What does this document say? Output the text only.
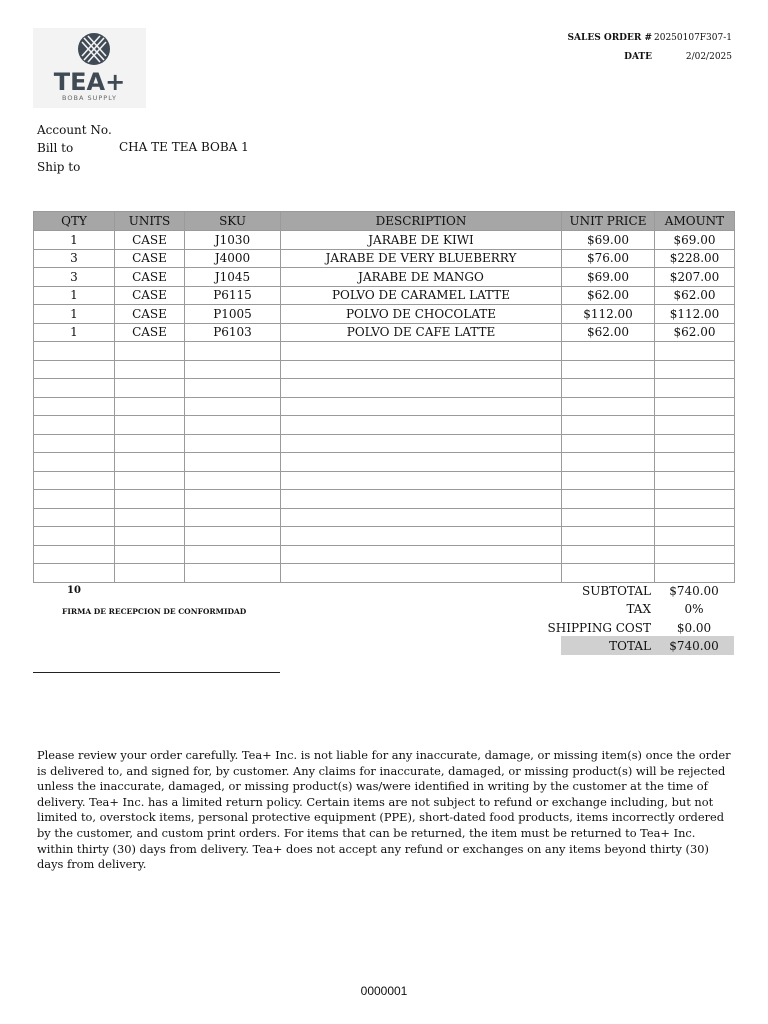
TEA+
BOBA SUPPLY
SALES ORDER # 20250107F307-1
DATE	2/02/2025
Account No.
Bill to	CHA TE TEA BOBA 1
Ship to
QTY	UNITS	SKU	DESCRIPTION	UNIT PRICE	AMOUNT
1	CASE	J1030	JARABE DE KIWI	$69.00	$69.00
3	CASE	J4000	JARABE DE VERY BLUEBERRY	$76.00	$228.00
3	CASE	J1045	JARABE DE MANGO	$69.00	$207.00
1	CASE	P6115	POLVO DE CARAMEL LATTE	$62.00	$62.00
1	CASE	P1005	POLVO DE CHOCOLATE	$112.00	$112.00
1	CASE	P6103	POLVO DE CAFE LATTE	$62.00	$62.00

10
FIRMA DE RECEPCION DE CONFORMIDAD
SUBTOTAL	$740.00
TAX	0%
SHIPPING COST	$0.00
TOTAL	$740.00
Please review your order carefully. Tea+ Inc. is not liable for any inaccurate, damage, or missing item(s) once the order is delivered to, and signed for, by customer. Any claims for inaccurate, damaged, or missing product(s) will be rejected unless the inaccurate, damaged, or missing product(s) was/were identified in writing by the customer at the time of delivery. Tea+ Inc. has a limited return policy. Certain items are not subject to refund or exchange including, but not limited to, overstock items, personal protective equipment (PPE), short-dated food products, items incorrectly ordered by the customer, and custom print orders. For items that can be returned, the item must be returned to Tea+ Inc. within thirty (30) days from delivery. Tea+ does not accept any refund or exchanges on any items beyond thirty (30) days from delivery.
0000001
